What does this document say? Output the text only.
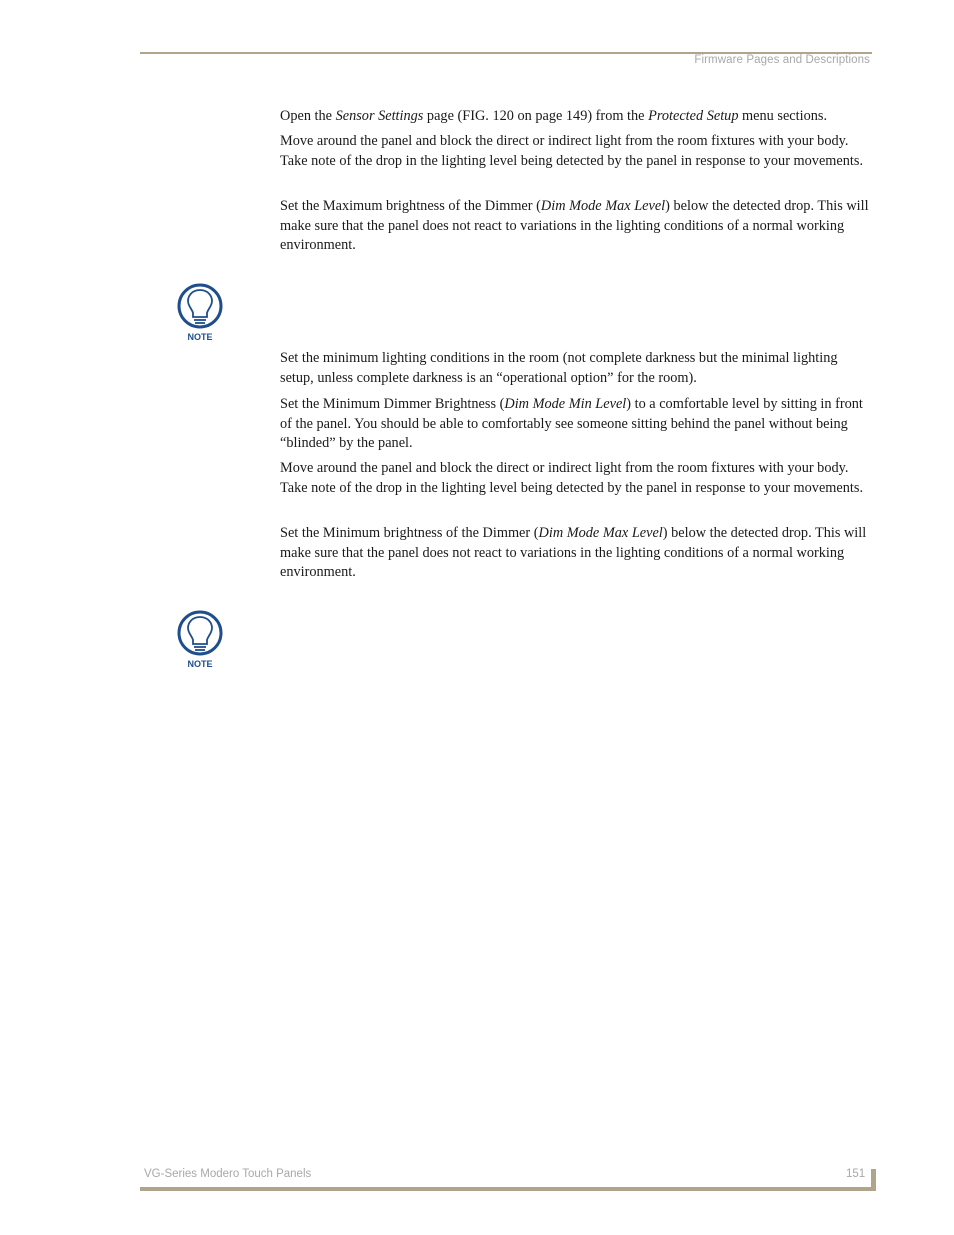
Firmware Pages and Descriptions

Open the Sensor Settings page (FIG. 120 on page 149) from the Protected Setup menu sections.

Move around the panel and block the direct or indirect light from the room fixtures with your body. Take note of the drop in the lighting level being detected by the panel in response to your movements.

Set the Maximum brightness of the Dimmer (Dim Mode Max Level) below the detected drop. This will make sure that the panel does not react to variations in the lighting conditions of a normal working environment.

NOTE

Set the minimum lighting conditions in the room (not complete darkness but the minimal lighting setup, unless complete darkness is an “operational option” for the room).

Set the Minimum Dimmer Brightness (Dim Mode Min Level) to a comfortable level by sitting in front of the panel. You should be able to comfortably see someone sitting behind the panel without being “blinded” by the panel.

Move around the panel and block the direct or indirect light from the room fixtures with your body. Take note of the drop in the lighting level being detected by the panel in response to your movements.

Set the Minimum brightness of the Dimmer (Dim Mode Max Level) below the detected drop. This will make sure that the panel does not react to variations in the lighting conditions of a normal working environment.

NOTE
VG-Series Modero Touch Panels	151
